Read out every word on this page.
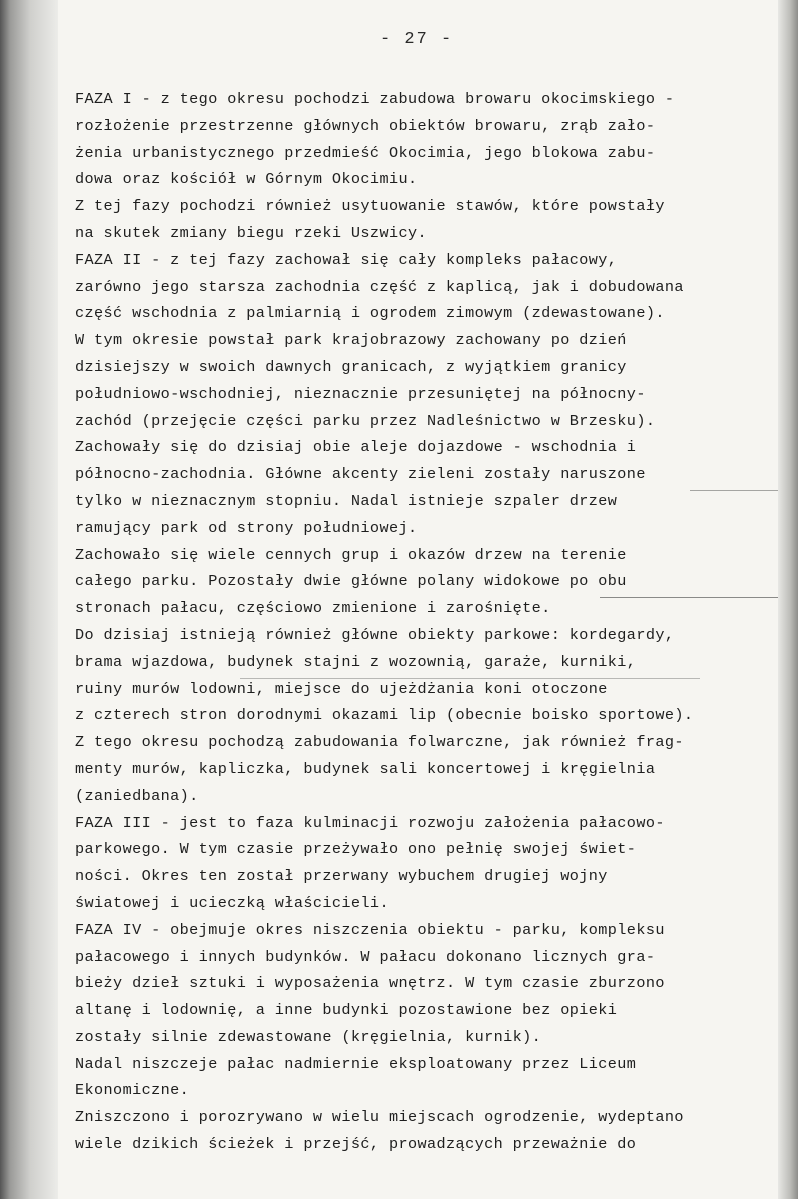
- 27 -
FAZA I - z tego okresu pochodzi zabudowa browaru okocimskiego -
rozłożenie przestrzenne głównych obiektów browaru, zrąb zało-
żenia urbanistycznego przedmieść Okocimia, jego blokowa zabu-
dowa oraz kościół w Górnym Okocimiu.
Z tej fazy pochodzi również usytuowanie stawów, które powstały
na skutek zmiany biegu rzeki Uszwicy.
FAZA II - z tej fazy zachował się cały kompleks pałacowy,
zarówno jego starsza zachodnia część z kaplicą, jak i dobudowana
część wschodnia z palmiarnią i ogrodem zimowym (zdewastowane).
W tym okresie powstał park krajobrazowy zachowany po dzień
dzisiejszy w swoich dawnych granicach, z wyjątkiem granicy
południowo-wschodniej, nieznacznie przesuniętej na północny-
zachód (przejęcie części parku przez Nadleśnictwo w Brzesku).
Zachowały się do dzisiaj obie aleje dojazdowe - wschodnia i
północno-zachodnia. Główne akcenty zieleni zostały naruszone
tylko w nieznacznym stopniu. Nadal istnieje szpaler drzew
ramujący park od strony południowej.
Zachowało się wiele cennych grup i okazów drzew na terenie
całego parku. Pozostały dwie główne polany widokowe po obu
stronach pałacu, częściowo zmienione i zarośnięte.
Do dzisiaj istnieją również główne obiekty parkowe: kordegardy,
brama wjazdowa, budynek stajni z wozownią, garaże, kurniki,
ruiny murów lodowni, miejsce do ujeżdżania koni otoczone
z czterech stron dorodnymi okazami lip (obecnie boisko sportowe).
Z tego okresu pochodzą zabudowania folwarczne, jak również frag-
menty murów, kapliczka, budynek sali koncertowej i kręgielnia
(zaniedbana).
FAZA III - jest to faza kulminacji rozwoju założenia pałacowo-
parkowego. W tym czasie przeżywało ono pełnię swojej świet-
ności. Okres ten został przerwany wybuchem drugiej wojny
światowej i ucieczką właścicieli.
FAZA IV - obejmuje okres niszczenia obiektu - parku, kompleksu
pałacowego i innych budynków. W pałacu dokonano licznych gra-
bieży dzieł sztuki i wyposażenia wnętrz. W tym czasie zburzono
altanę i lodownię, a inne budynki pozostawione bez opieki
zostały silnie zdewastowane (kręgielnia, kurnik).
Nadal niszczeje pałac nadmiernie eksploatowany przez Liceum
Ekonomiczne.
Zniszczono i porozrywano w wielu miejscach ogrodzenie, wydeptano
wiele dzikich ścieżek i przejść, prowadzących przeważnie do
